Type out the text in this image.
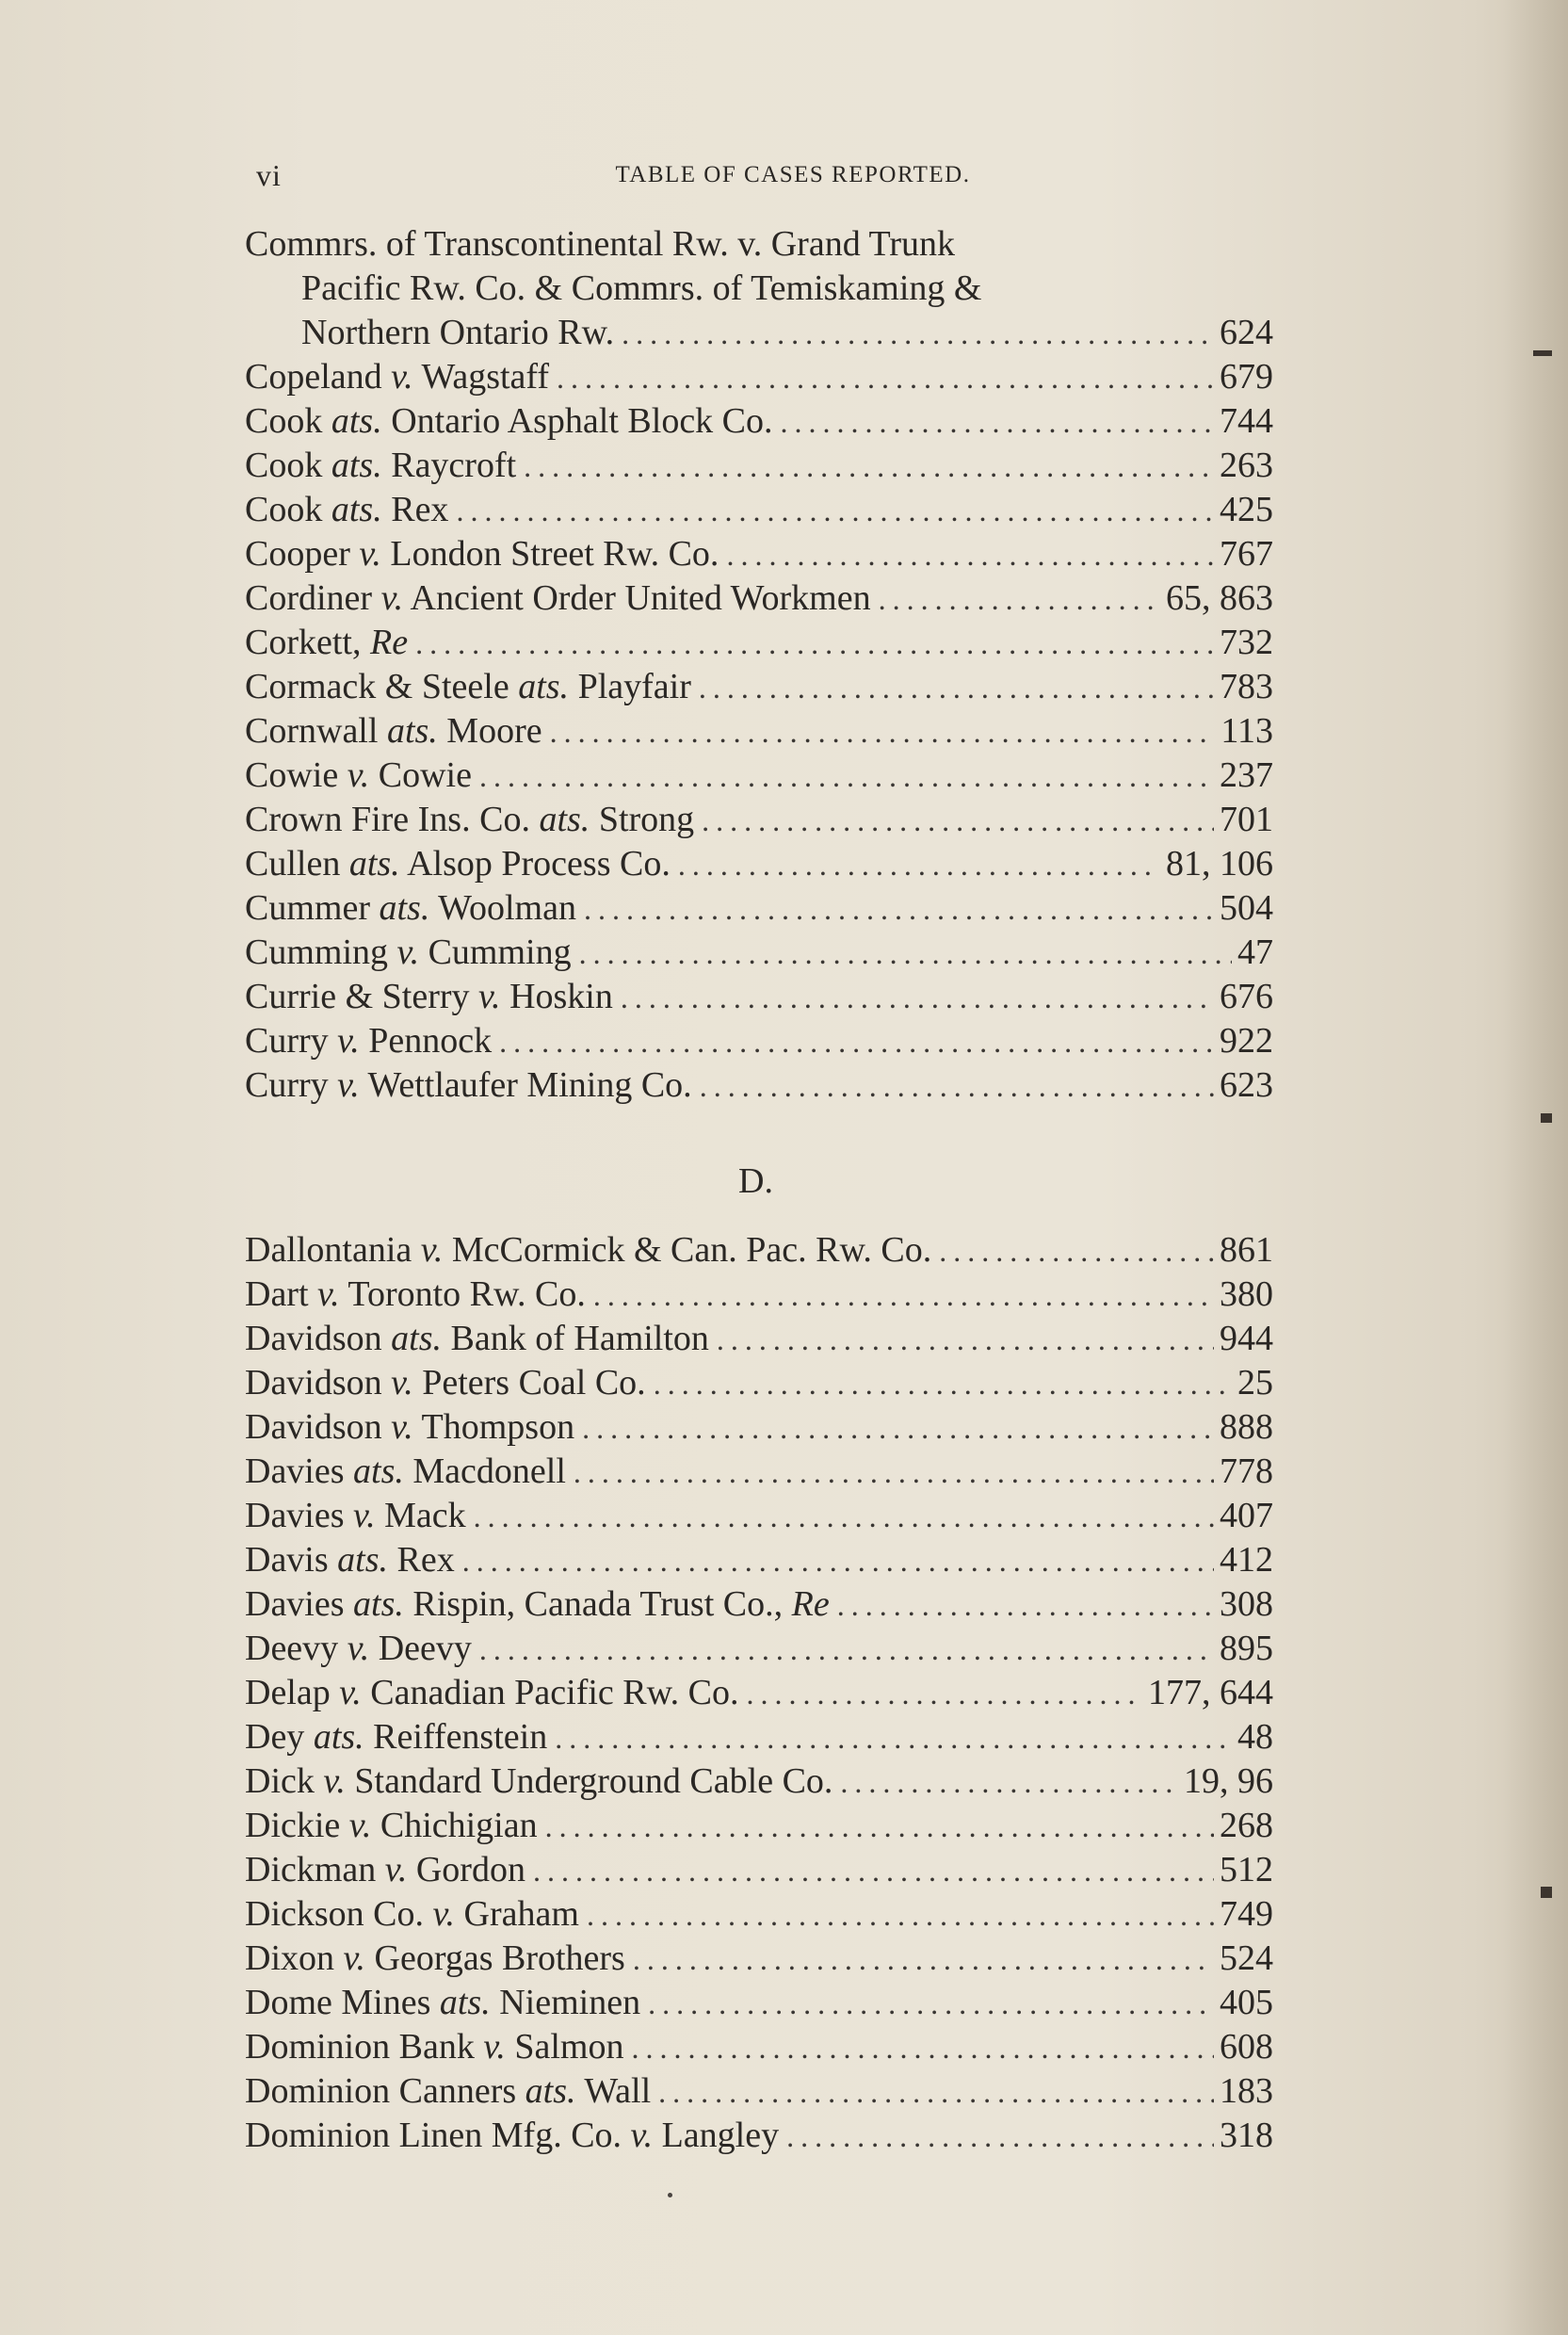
vi	TABLE OF CASES REPORTED.
Commrs. of Transcontinental Rw. v. Grand Trunk
Pacific Rw. Co. & Commrs. of Temiskaming &
Northern Ontario Rw. .....	624
Copeland v. Wagstaff .....	679
Cook ats. Ontario Asphalt Block Co. .....	744
Cook ats. Raycroft .....	263
Cook ats. Rex .....	425
Cooper v. London Street Rw. Co. .....	767
Cordiner v. Ancient Order United Workmen .....	65, 863
Corkett, Re .....	732
Cormack & Steele ats. Playfair .....	783
Cornwall ats. Moore .....	113
Cowie v. Cowie .....	237
Crown Fire Ins. Co. ats. Strong .....	701
Cullen ats. Alsop Process Co. .....	81, 106
Cummer ats. Woolman .....	504
Cumming v. Cumming .....	47
Currie & Sterry v. Hoskin .....	676
Curry v. Pennock .....	922
Curry v. Wettlaufer Mining Co. .....	623
D.
Dallontania v. McCormick & Can. Pac. Rw. Co. .....	861
Dart v. Toronto Rw. Co. .....	380
Davidson ats. Bank of Hamilton .....	944
Davidson v. Peters Coal Co. .....	25
Davidson v. Thompson .....	888
Davies ats. Macdonell .....	778
Davies v. Mack .....	407
Davis ats. Rex .....	412
Davies ats. Rispin, Canada Trust Co., Re .....	308
Deevy v. Deevy .....	895
Delap v. Canadian Pacific Rw. Co. .....	177, 644
Dey ats. Reiffenstein .....	48
Dick v. Standard Underground Cable Co. .....	19, 96
Dickie v. Chichigian .....	268
Dickman v. Gordon .....	512
Dickson Co. v. Graham .....	749
Dixon v. Georgas Brothers .....	524
Dome Mines ats. Nieminen .....	405
Dominion Bank v. Salmon .....	608
Dominion Canners ats. Wall .....	183
Dominion Linen Mfg. Co. v. Langley .....	318
